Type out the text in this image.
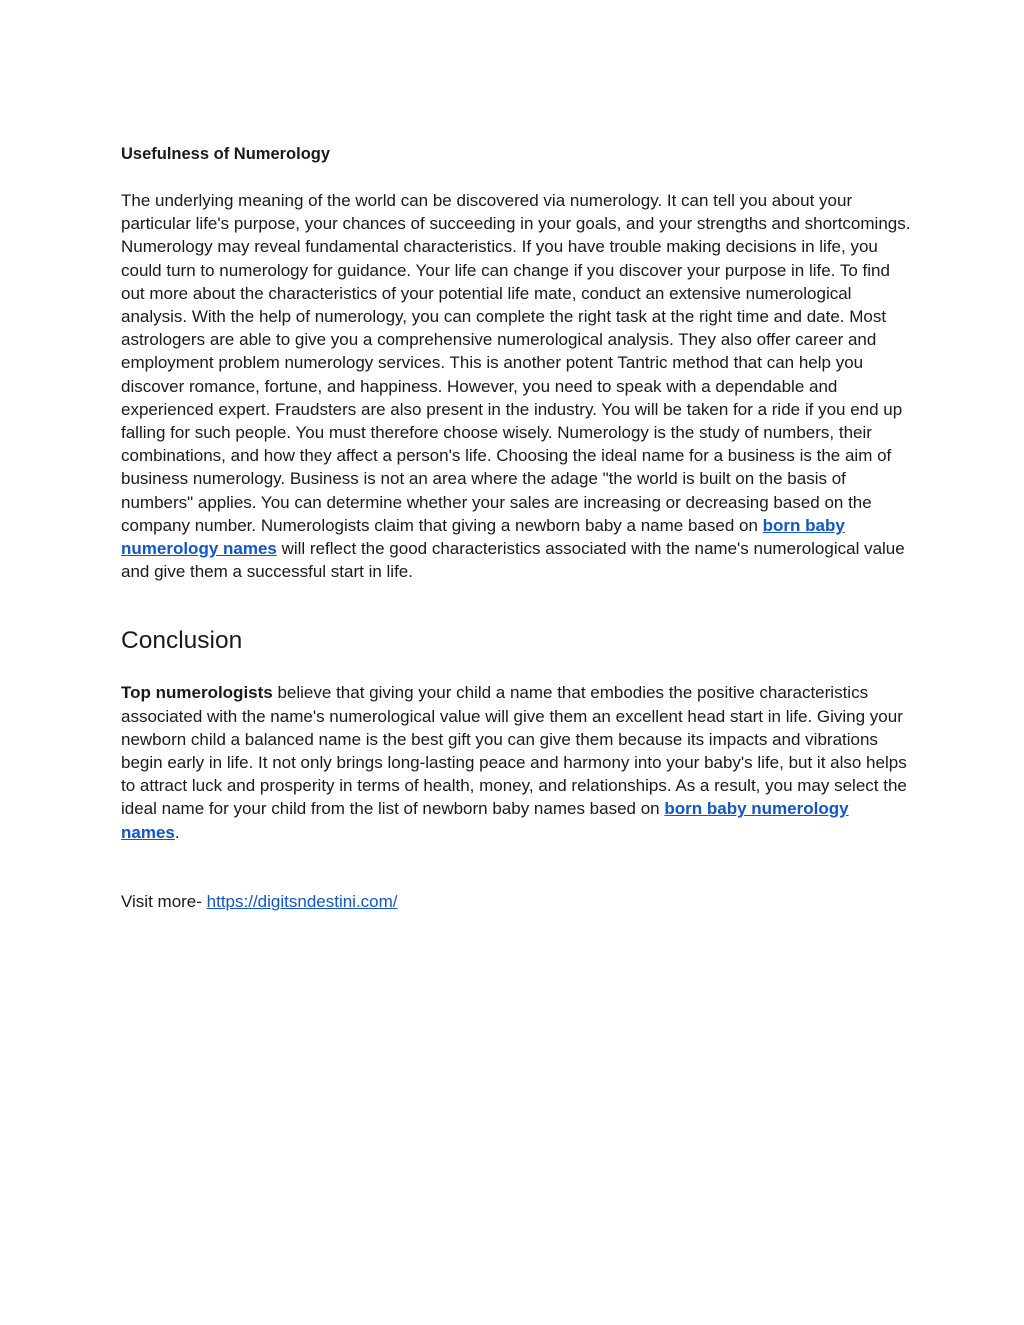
Usefulness of Numerology

The underlying meaning of the world can be discovered via numerology. It can tell you about your particular life's purpose, your chances of succeeding in your goals, and your strengths and shortcomings. Numerology may reveal fundamental characteristics. If you have trouble making decisions in life, you could turn to numerology for guidance. Your life can change if you discover your purpose in life. To find out more about the characteristics of your potential life mate, conduct an extensive numerological analysis. With the help of numerology, you can complete the right task at the right time and date. Most astrologers are able to give you a comprehensive numerological analysis. They also offer career and employment problem numerology services. This is another potent Tantric method that can help you discover romance, fortune, and happiness. However, you need to speak with a dependable and experienced expert. Fraudsters are also present in the industry. You will be taken for a ride if you end up falling for such people. You must therefore choose wisely. Numerology is the study of numbers, their combinations, and how they affect a person's life. Choosing the ideal name for a business is the aim of business numerology. Business is not an area where the adage "the world is built on the basis of numbers" applies. You can determine whether your sales are increasing or decreasing based on the company number. Numerologists claim that giving a newborn baby a name based on born baby numerology names will reflect the good characteristics associated with the name's numerological value and give them a successful start in life.

Conclusion

Top numerologists believe that giving your child a name that embodies the positive characteristics associated with the name's numerological value will give them an excellent head start in life. Giving your newborn child a balanced name is the best gift you can give them because its impacts and vibrations begin early in life. It not only brings long-lasting peace and harmony into your baby's life, but it also helps to attract luck and prosperity in terms of health, money, and relationships. As a result, you may select the ideal name for your child from the list of newborn baby names based on born baby numerology names.

Visit more- https://digitsndestini.com/
